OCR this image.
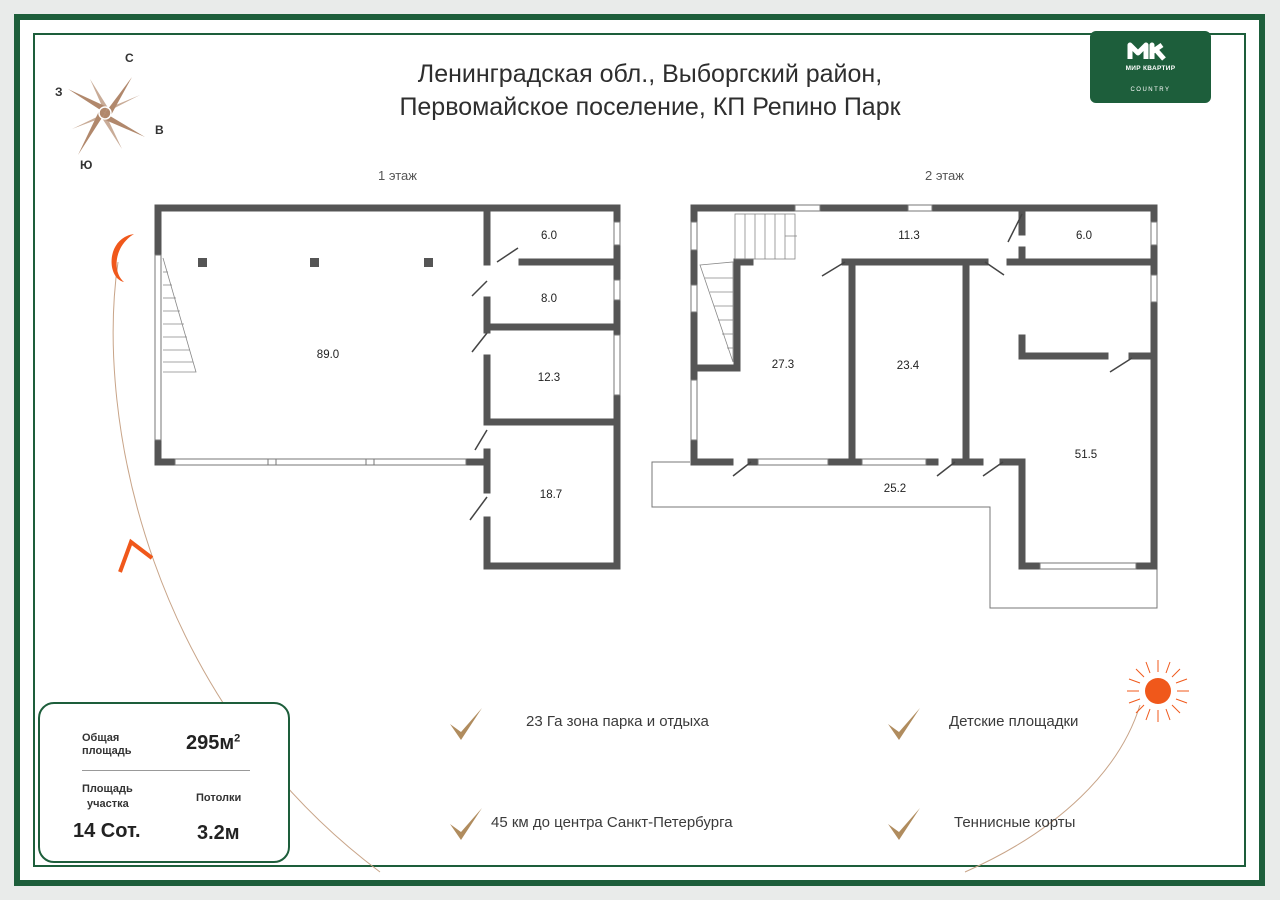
Ленинградская обл., Выборгский район,
Первомайское поселение, КП Репино Парк
МИР КВАРТИР
COUNTRY
С
З
В
Ю
1 этаж	2 этаж
89.0
6.0
8.0
12.3
18.7
11.3	6.0
27.3	23.4
51.5
25.2
Общая
площадь	$295м^2$
Площадь
участка	Потолки
14 Сот.	3.2м
23 Га зона парка и отдыха	Детские площадки
45 км до центра Санкт-Петербурга	Теннисные корты
